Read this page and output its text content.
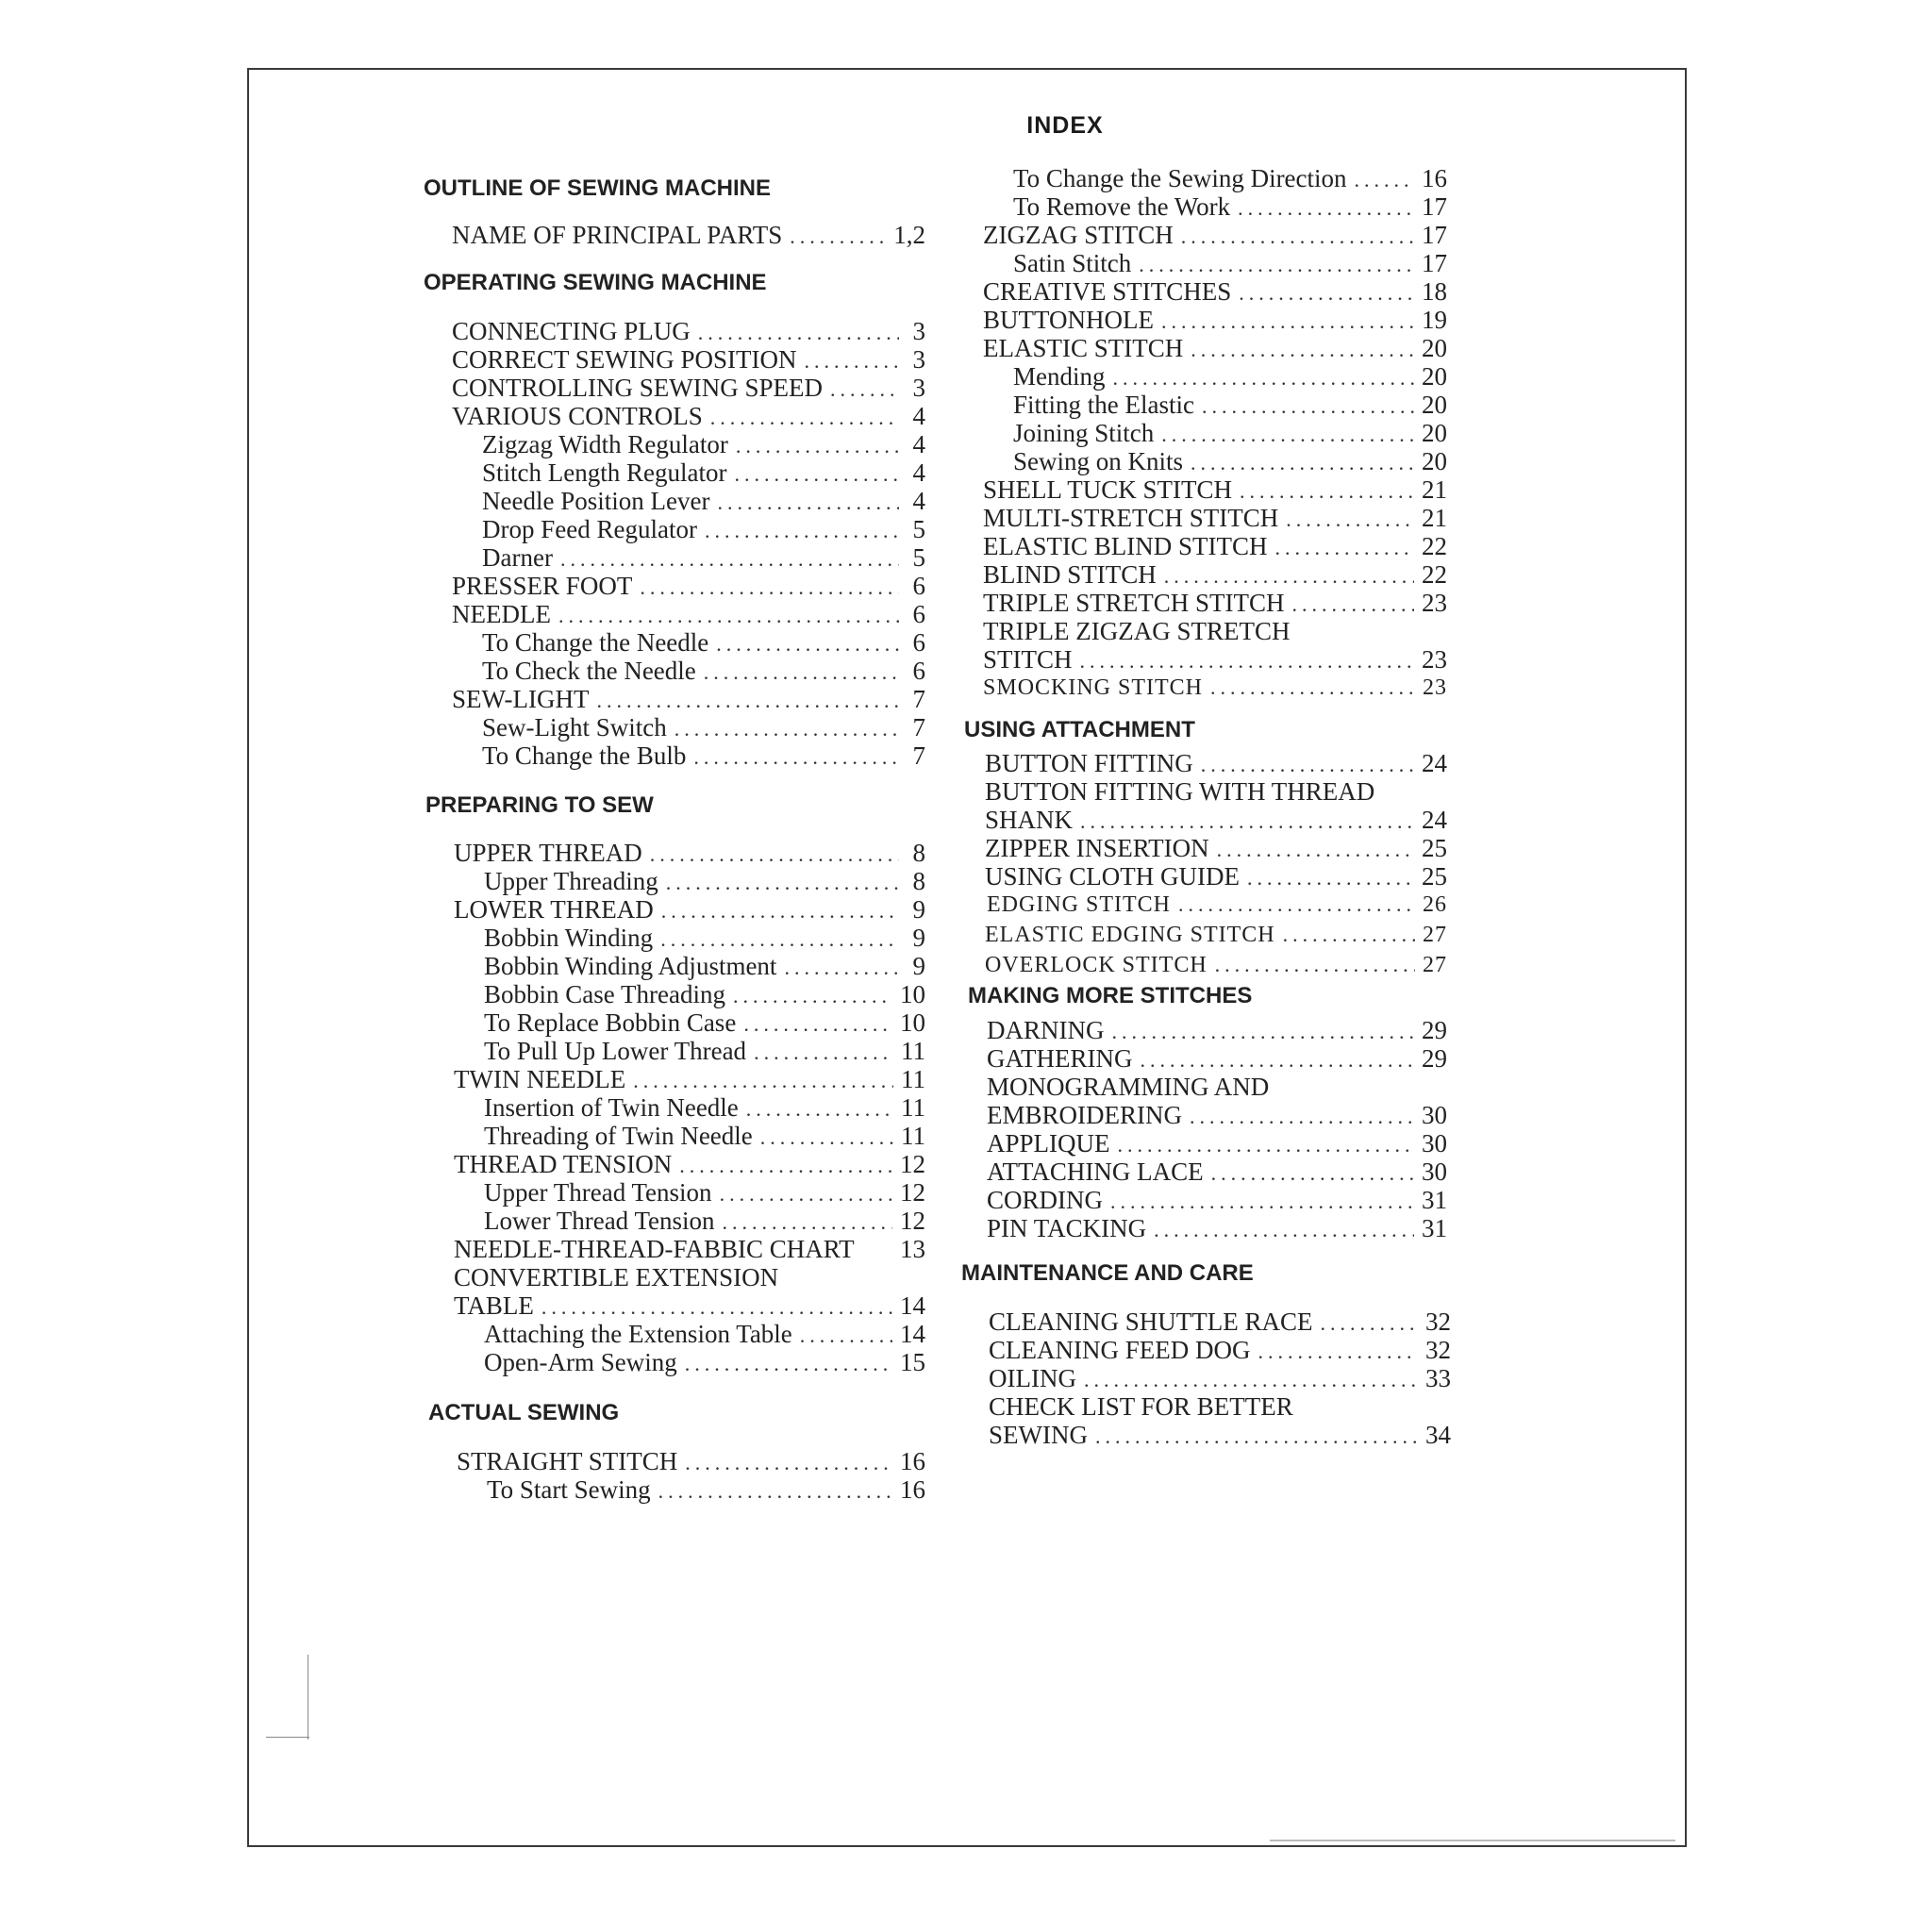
INDEX
OUTLINE OF SEWING MACHINE
NAME OF PRINCIPAL PARTS .....	1,2
OPERATING SEWING MACHINE
CONNECTING PLUG .....	3
CORRECT SEWING POSITION .....	3
CONTROLLING SEWING SPEED .....	3
VARIOUS CONTROLS .....	4
Zigzag Width Regulator .....	4
Stitch Length Regulator .....	4
Needle Position Lever .....	4
Drop Feed Regulator .....	5
Darner .....	5
PRESSER FOOT .....	6
NEEDLE .....	6
To Change the Needle .....	6
To Check the Needle .....	6
SEW-LIGHT .....	7
Sew-Light Switch .....	7
To Change the Bulb .....	7
PREPARING TO SEW
UPPER THREAD .....	8
Upper Threading .....	8
LOWER THREAD .....	9
Bobbin Winding .....	9
Bobbin Winding Adjustment .....	9
Bobbin Case Threading .....	10
To Replace Bobbin Case .....	10
To Pull Up Lower Thread .....	11
TWIN NEEDLE .....	11
Insertion of Twin Needle .....	11
Threading of Twin Needle .....	11
THREAD TENSION .....	12
Upper Thread Tension .....	12
Lower Thread Tension .....	12
NEEDLE-THREAD-FABBIC CHART 13
CONVERTIBLE EXTENSION
TABLE .....	14
Attaching the Extension Table .....	14
Open-Arm Sewing .....	15
ACTUAL SEWING
STRAIGHT STITCH .....	16
To Start Sewing .....	16
To Change the Sewing Direction .....	16
To Remove the Work .....	17
ZIGZAG STITCH .....	17
Satin Stitch .....	17
CREATIVE STITCHES .....	18
BUTTONHOLE .....	19
ELASTIC STITCH .....	20
Mending .....	20
Fitting the Elastic .....	20
Joining Stitch .....	20
Sewing on Knits .....	20
SHELL TUCK STITCH .....	21
MULTI-STRETCH STITCH .....	21
ELASTIC BLIND STITCH .....	22
BLIND STITCH .....	22
TRIPLE STRETCH STITCH .....	23
TRIPLE ZIGZAG STRETCH
STITCH .....	23
SMOCKING STITCH .....	23
USING ATTACHMENT
BUTTON FITTING .....	24
BUTTON FITTING WITH THREAD
SHANK .....	24
ZIPPER INSERTION .....	25
USING CLOTH GUIDE .....	25
EDGING STITCH .....	26
ELASTIC EDGING STITCH .....	27
OVERLOCK STITCH .....	27
MAKING MORE STITCHES
DARNING .....	29
GATHERING .....	29
MONOGRAMMING AND
EMBROIDERING .....	30
APPLIQUE .....	30
ATTACHING LACE .....	30
CORDING .....	31
PIN TACKING .....	31
MAINTENANCE AND CARE
CLEANING SHUTTLE RACE .....	32
CLEANING FEED DOG .....	32
OILING .....	33
CHECK LIST FOR BETTER
SEWING .....	34
